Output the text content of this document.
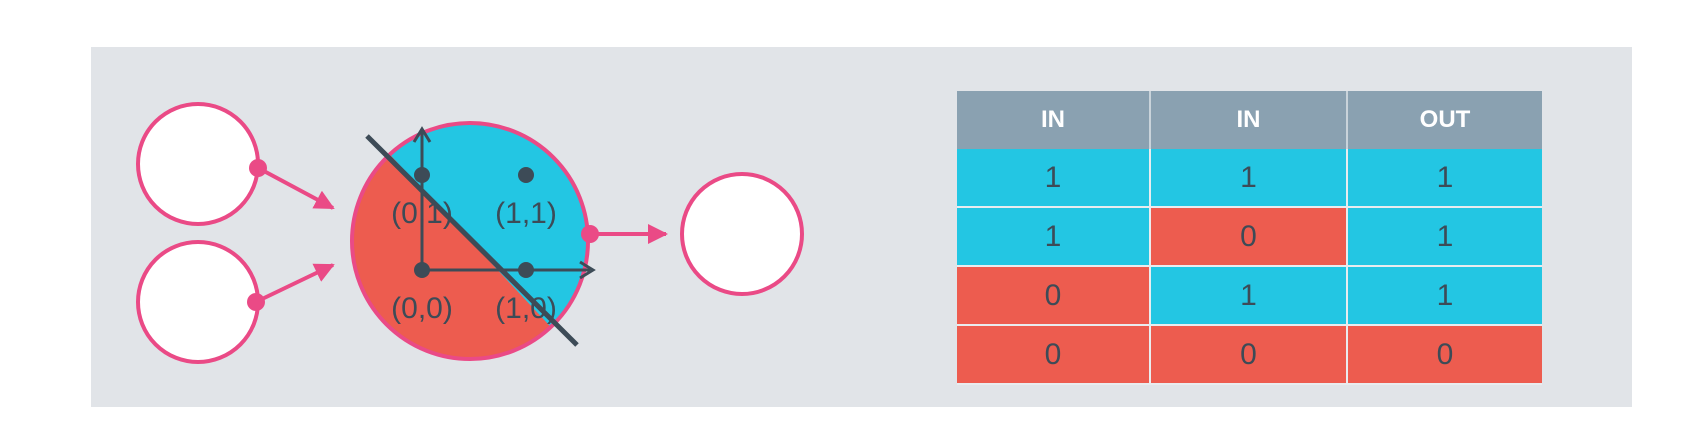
(0,0)
(0,1)
(1,0)
(1,1)
IN	IN	OUT
1	1	1
1	0	1
0	1	1
0	0	0
